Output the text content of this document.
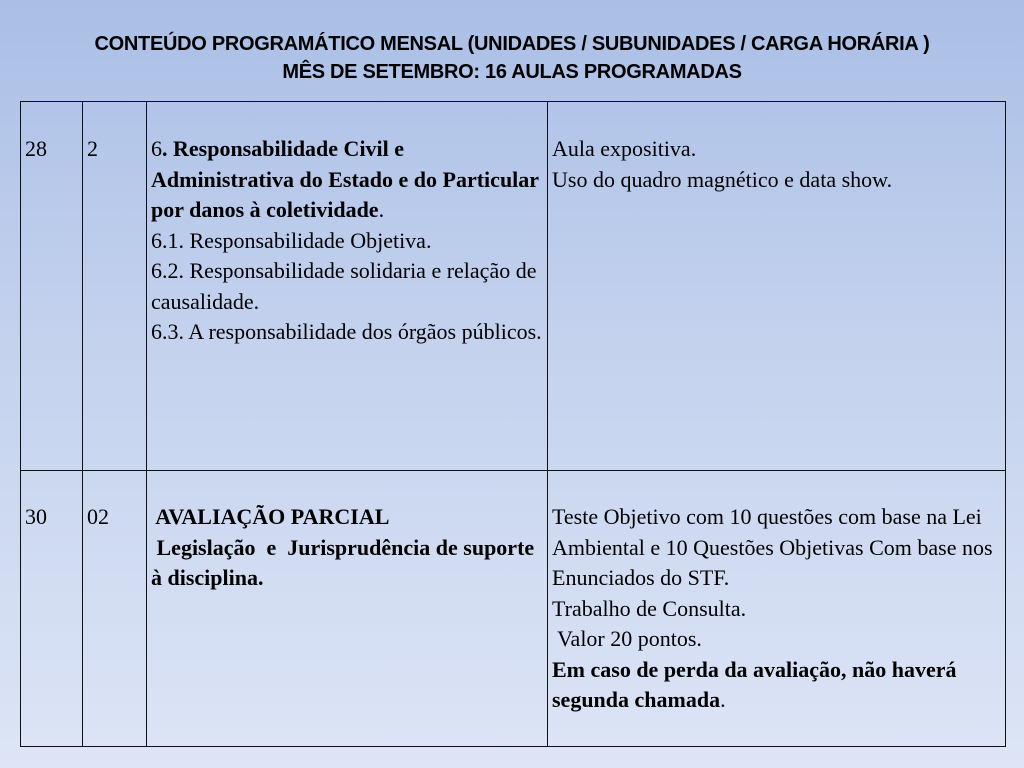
CONTEÚDO PROGRAMÁTICO MENSAL (UNIDADES / SUBUNIDADES / CARGA HORÁRIA )
MÊS DE SETEMBRO: 16 AULAS PROGRAMADAS
28	2	6. Responsabilidade Civil e Administrativa do Estado e do Particular por danos à coletividade.
6.1. Responsabilidade Objetiva.
6.2. Responsabilidade solidaria e relação de causalidade.
6.3. A responsabilidade dos órgãos públicos.	Aula expositiva.
Uso do quadro magnético e data show.

30	02	AVALIAÇÃO PARCIAL
Legislação  e  Jurisprudência de suporte à disciplina.	Teste Objetivo com 10 questões com base na Lei Ambiental e 10 Questões Objetivas Com base nos Enunciados do STF.
Trabalho de Consulta.
Valor 20 pontos.
Em caso de perda da avaliação, não haverá segunda chamada.
